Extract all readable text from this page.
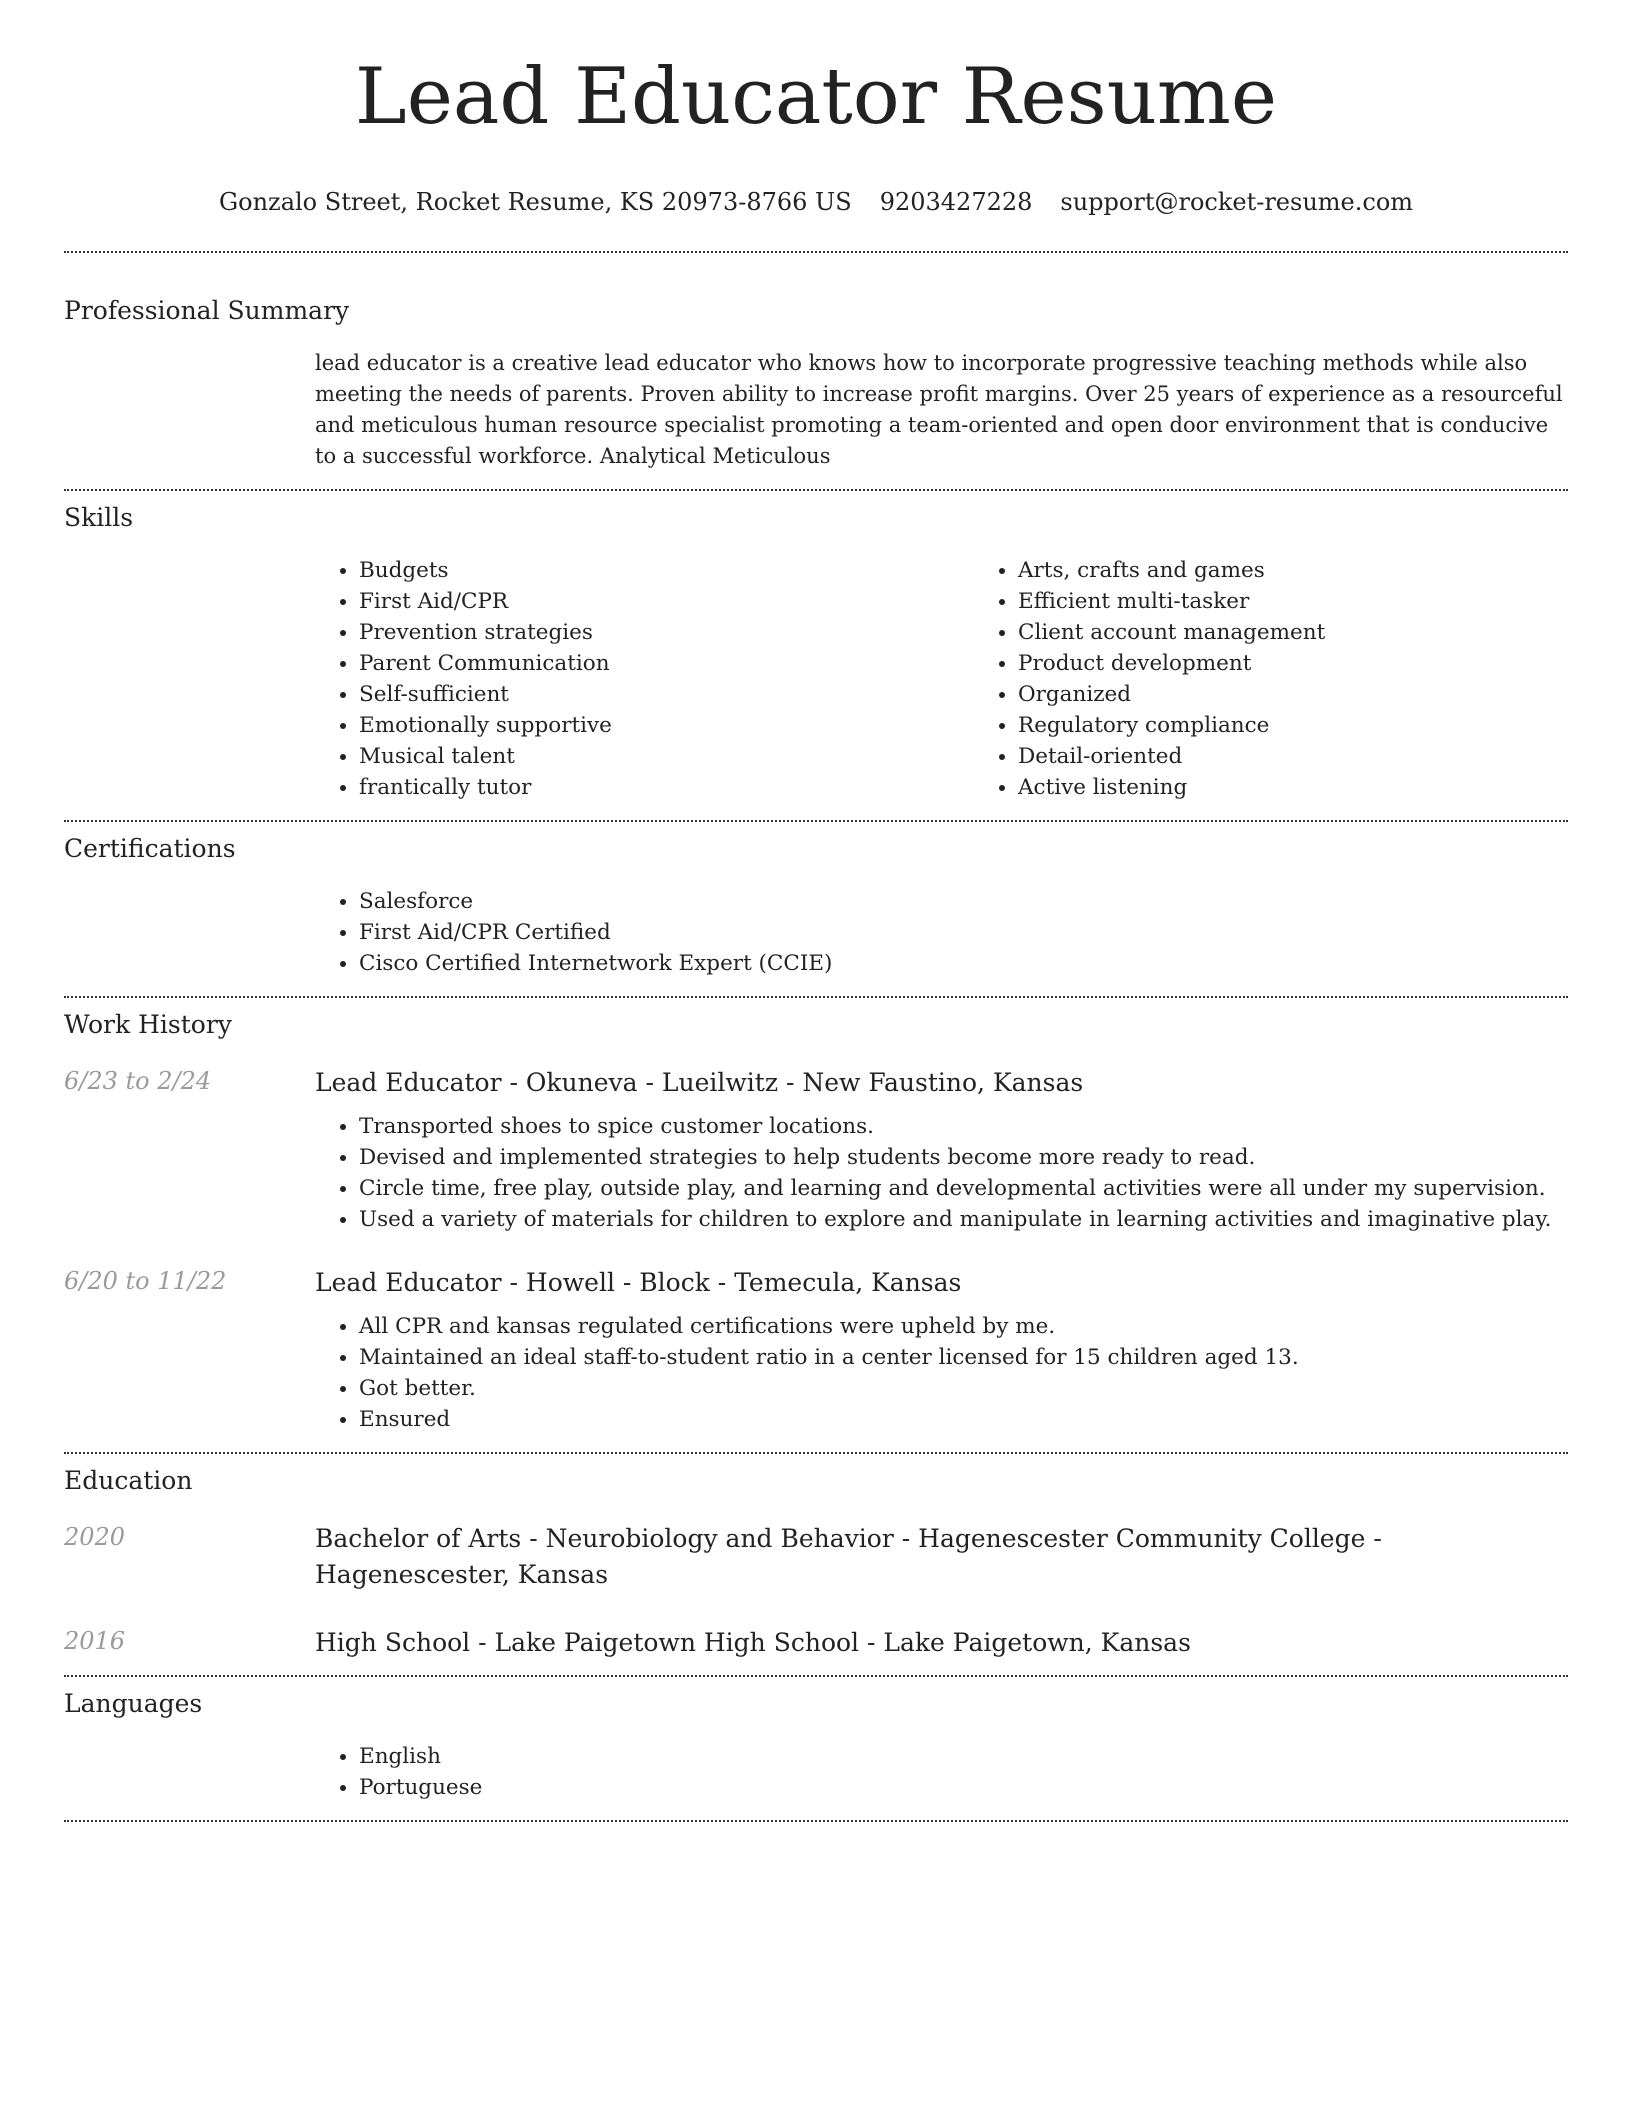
Lead Educator Resume
Gonzalo Street, Rocket Resume, KS 20973-8766 US 9203427228 support@rocket-resume.com
Professional Summary

lead educator is a creative lead educator who knows how to incorporate progressive teaching methods while also meeting the needs of parents. Proven ability to increase profit margins. Over 25 years of experience as a resourceful and meticulous human resource specialist promoting a team-oriented and open door environment that is conducive to a successful workforce. Analytical Meticulous

Skills
• Budgets
• First Aid/CPR
• Prevention strategies
• Parent Communication
• Self-sufficient
• Emotionally supportive
• Musical talent
• frantically tutor
• Arts, crafts and games
• Efficient multi-tasker
• Client account management
• Product development
• Organized
• Regulatory compliance
• Detail-oriented
• Active listening
Certifications
• Salesforce
• First Aid/CPR Certified
• Cisco Certified Internetwork Expert (CCIE)
Work History
6/23 to 2/24	Lead Educator - Okuneva - Lueilwitz - New Faustino, Kansas
• Transported shoes to spice customer locations.
• Devised and implemented strategies to help students become more ready to read.
• Circle time, free play, outside play, and learning and developmental activities were all under my supervision.
• Used a variety of materials for children to explore and manipulate in learning activities and imaginative play.
6/20 to 11/22	Lead Educator - Howell - Block - Temecula, Kansas
• All CPR and kansas regulated certifications were upheld by me.
• Maintained an ideal staff-to-student ratio in a center licensed for 15 children aged 13.
• Got better.
• Ensured
Education
2020	Bachelor of Arts - Neurobiology and Behavior - Hagenescester Community College - Hagenescester, Kansas
2016	High School - Lake Paigetown High School - Lake Paigetown, Kansas
Languages
• English
• Portuguese
